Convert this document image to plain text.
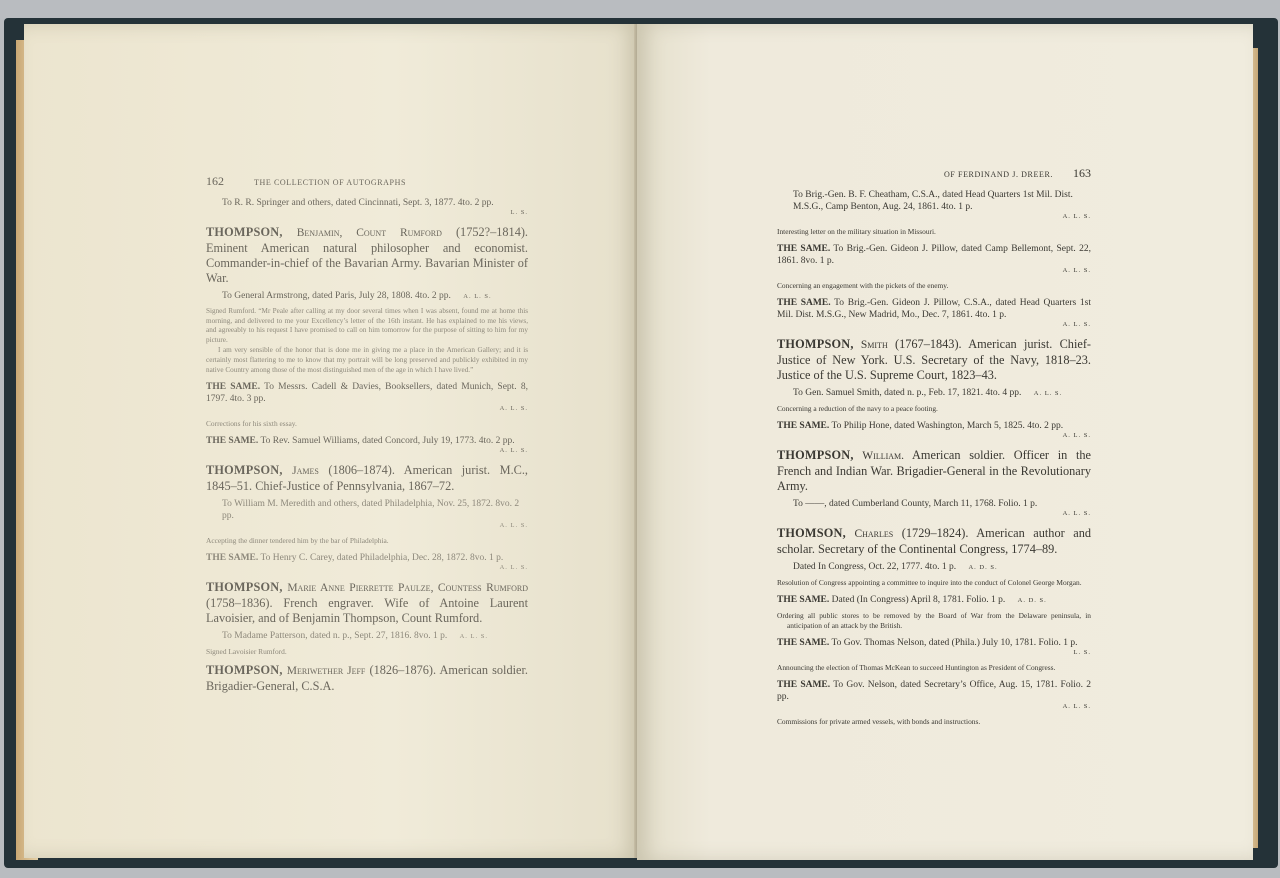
162	THE COLLECTION OF AUTOGRAPHS
To R. R. Springer and others, dated Cincinnati, Sept. 3, 1877. 4to. 2 pp.
L. S.
THOMPSON, Benjamin, Count Rumford (1752?–1814). Eminent American natural philosopher and economist. Commander-in-chief of the Bavarian Army. Bavarian Minister of War.
To General Armstrong, dated Paris, July 28, 1808. 4to. 2 pp. A. L. S.

Signed Rumford. “Mr Peale after calling at my door several times when I was absent, found me at home this morning, and delivered to me your Excellency’s letter of the 16th instant. He has explained to me his views, and agreeably to his request I have promised to call on him tomorrow for the purpose of sitting to him for my picture.

I am very sensible of the honor that is done me in giving me a place in the American Gallery; and it is certainly most flattering to me to know that my portrait will be long preserved and publickly exhibited in my native Country among those of the most distinguished men of the age in which I have lived.”

THE SAME. To Messrs. Cadell & Davies, Booksellers, dated Munich, Sept. 8, 1797. 4to. 3 pp.
A. L. S.
Corrections for his sixth essay.
THE SAME. To Rev. Samuel Williams, dated Concord, July 19, 1773. 4to. 2 pp.
A. L. S.
THOMPSON, James (1806–1874). American jurist. M.C., 1845–51. Chief-Justice of Pennsylvania, 1867–72.
To William M. Meredith and others, dated Philadelphia, Nov. 25, 1872. 8vo. 2 pp.
A. L. S.
Accepting the dinner tendered him by the bar of Philadelphia.
THE SAME. To Henry C. Carey, dated Philadelphia, Dec. 28, 1872. 8vo. 1 p.
A. L. S.
THOMPSON, Marie Anne Pierrette Paulze, Countess Rumford (1758–1836). French engraver. Wife of Antoine Laurent Lavoisier, and of Benjamin Thompson, Count Rumford.
To Madame Patterson, dated n. p., Sept. 27, 1816. 8vo. 1 p. A. L. S.
Signed Lavoisier Rumford.
THOMPSON, Meriwether Jeff (1826–1876). American soldier. Brigadier-General, C.S.A.
OF FERDINAND J. DREER. 163
To Brig.-Gen. B. F. Cheatham, C.S.A., dated Head Quarters 1st Mil. Dist. M.S.G., Camp Benton, Aug. 24, 1861. 4to. 1 p.
A. L. S.
Interesting letter on the military situation in Missouri.
THE SAME. To Brig.-Gen. Gideon J. Pillow, dated Camp Bellemont, Sept. 22, 1861. 8vo. 1 p.
A. L. S.
Concerning an engagement with the pickets of the enemy.
THE SAME. To Brig.-Gen. Gideon J. Pillow, C.S.A., dated Head Quarters 1st Mil. Dist. M.S.G., New Madrid, Mo., Dec. 7, 1861. 4to. 1 p.
A. L. S.
THOMPSON, Smith (1767–1843). American jurist. Chief-Justice of New York. U.S. Secretary of the Navy, 1818–23. Justice of the U.S. Supreme Court, 1823–43.
To Gen. Samuel Smith, dated n. p., Feb. 17, 1821. 4to. 4 pp. A. L. S.
Concerning a reduction of the navy to a peace footing.
THE SAME. To Philip Hone, dated Washington, March 5, 1825. 4to. 2 pp.
A. L. S.
THOMPSON, William. American soldier. Officer in the French and Indian War. Brigadier-General in the Revolutionary Army.
To ——, dated Cumberland County, March 11, 1768. Folio. 1 p.
A. L. S.
THOMSON, Charles (1729–1824). American author and scholar. Secretary of the Continental Congress, 1774–89.
Dated In Congress, Oct. 22, 1777. 4to. 1 p. A. D. S.
Resolution of Congress appointing a committee to inquire into the conduct of Colonel George Morgan.
THE SAME. Dated (In Congress) April 8, 1781. Folio. 1 p. A. D. S.
Ordering all public stores to be removed by the Board of War from the Delaware peninsula, in anticipation of an attack by the British.
THE SAME. To Gov. Thomas Nelson, dated (Phila.) July 10, 1781. Folio. 1 p.
L. S.
Announcing the election of Thomas McKean to succeed Huntington as President of Congress.
THE SAME. To Gov. Nelson, dated Secretary’s Office, Aug. 15, 1781. Folio. 2 pp.
A. L. S.
Commissions for private armed vessels, with bonds and instructions.
